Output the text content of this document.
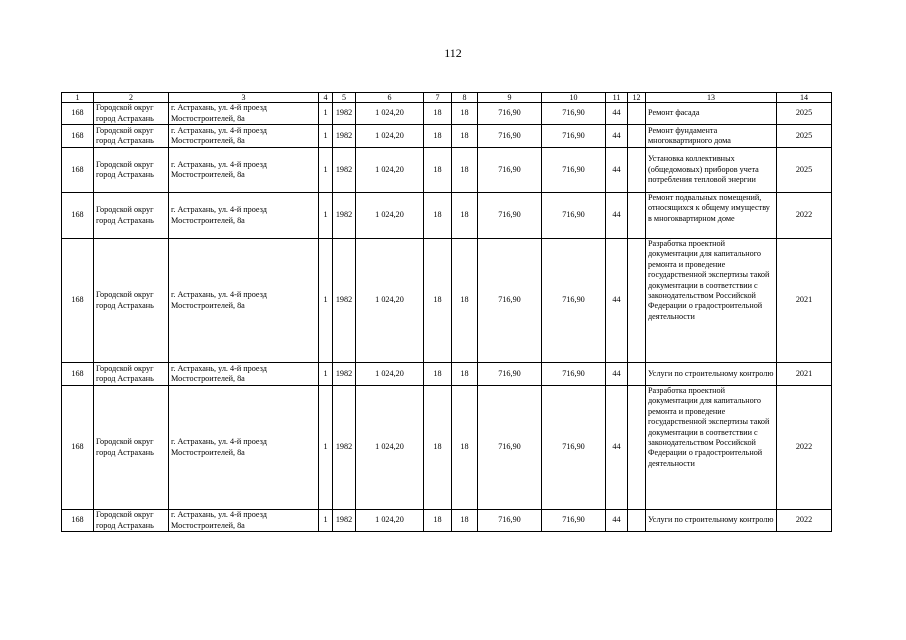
112
1	2	3	4	5	6	7	8	9	10	11	12	13	14
168	Городской округ город Астрахань	г. Астрахань, ул. 4-й проезд Мостостроителей, 8а	1	1982	1 024,20	18	18	716,90	716,90	44		Ремонт фасада	2025
168	Городской округ город Астрахань	г. Астрахань, ул. 4-й проезд Мостостроителей, 8а	1	1982	1 024,20	18	18	716,90	716,90	44		Ремонт фундамента многоквартирного дома	2025
168	Городской округ город Астрахань	г. Астрахань, ул. 4-й проезд Мостостроителей, 8а	1	1982	1 024,20	18	18	716,90	716,90	44		Установка коллективных (общедомовых) приборов учета потребления тепловой энергии	2025
168	Городской округ город Астрахань	г. Астрахань, ул. 4-й проезд Мостостроителей, 8а	1	1982	1 024,20	18	18	716,90	716,90	44		Ремонт подвальных помещений, относящихся к общему имуществу в многоквартирном доме	2022
168	Городской округ город Астрахань	г. Астрахань, ул. 4-й проезд Мостостроителей, 8а	1	1982	1 024,20	18	18	716,90	716,90	44		Разработка проектной документации для капитального ремонта и проведение государственной экспертизы такой документации в соответствии с законодательством Российской Федерации о градостроительной деятельности	2021
168	Городской округ город Астрахань	г. Астрахань, ул. 4-й проезд Мостостроителей, 8а	1	1982	1 024,20	18	18	716,90	716,90	44		Услуги по строительному контролю	2021
168	Городской округ город Астрахань	г. Астрахань, ул. 4-й проезд Мостостроителей, 8а	1	1982	1 024,20	18	18	716,90	716,90	44		Разработка проектной документации для капитального ремонта и проведение государственной экспертизы такой документации в соответствии с законодательством Российской Федерации о градостроительной деятельности	2022
168	Городской округ город Астрахань	г. Астрахань, ул. 4-й проезд Мостостроителей, 8а	1	1982	1 024,20	18	18	716,90	716,90	44		Услуги по строительному контролю	2022
